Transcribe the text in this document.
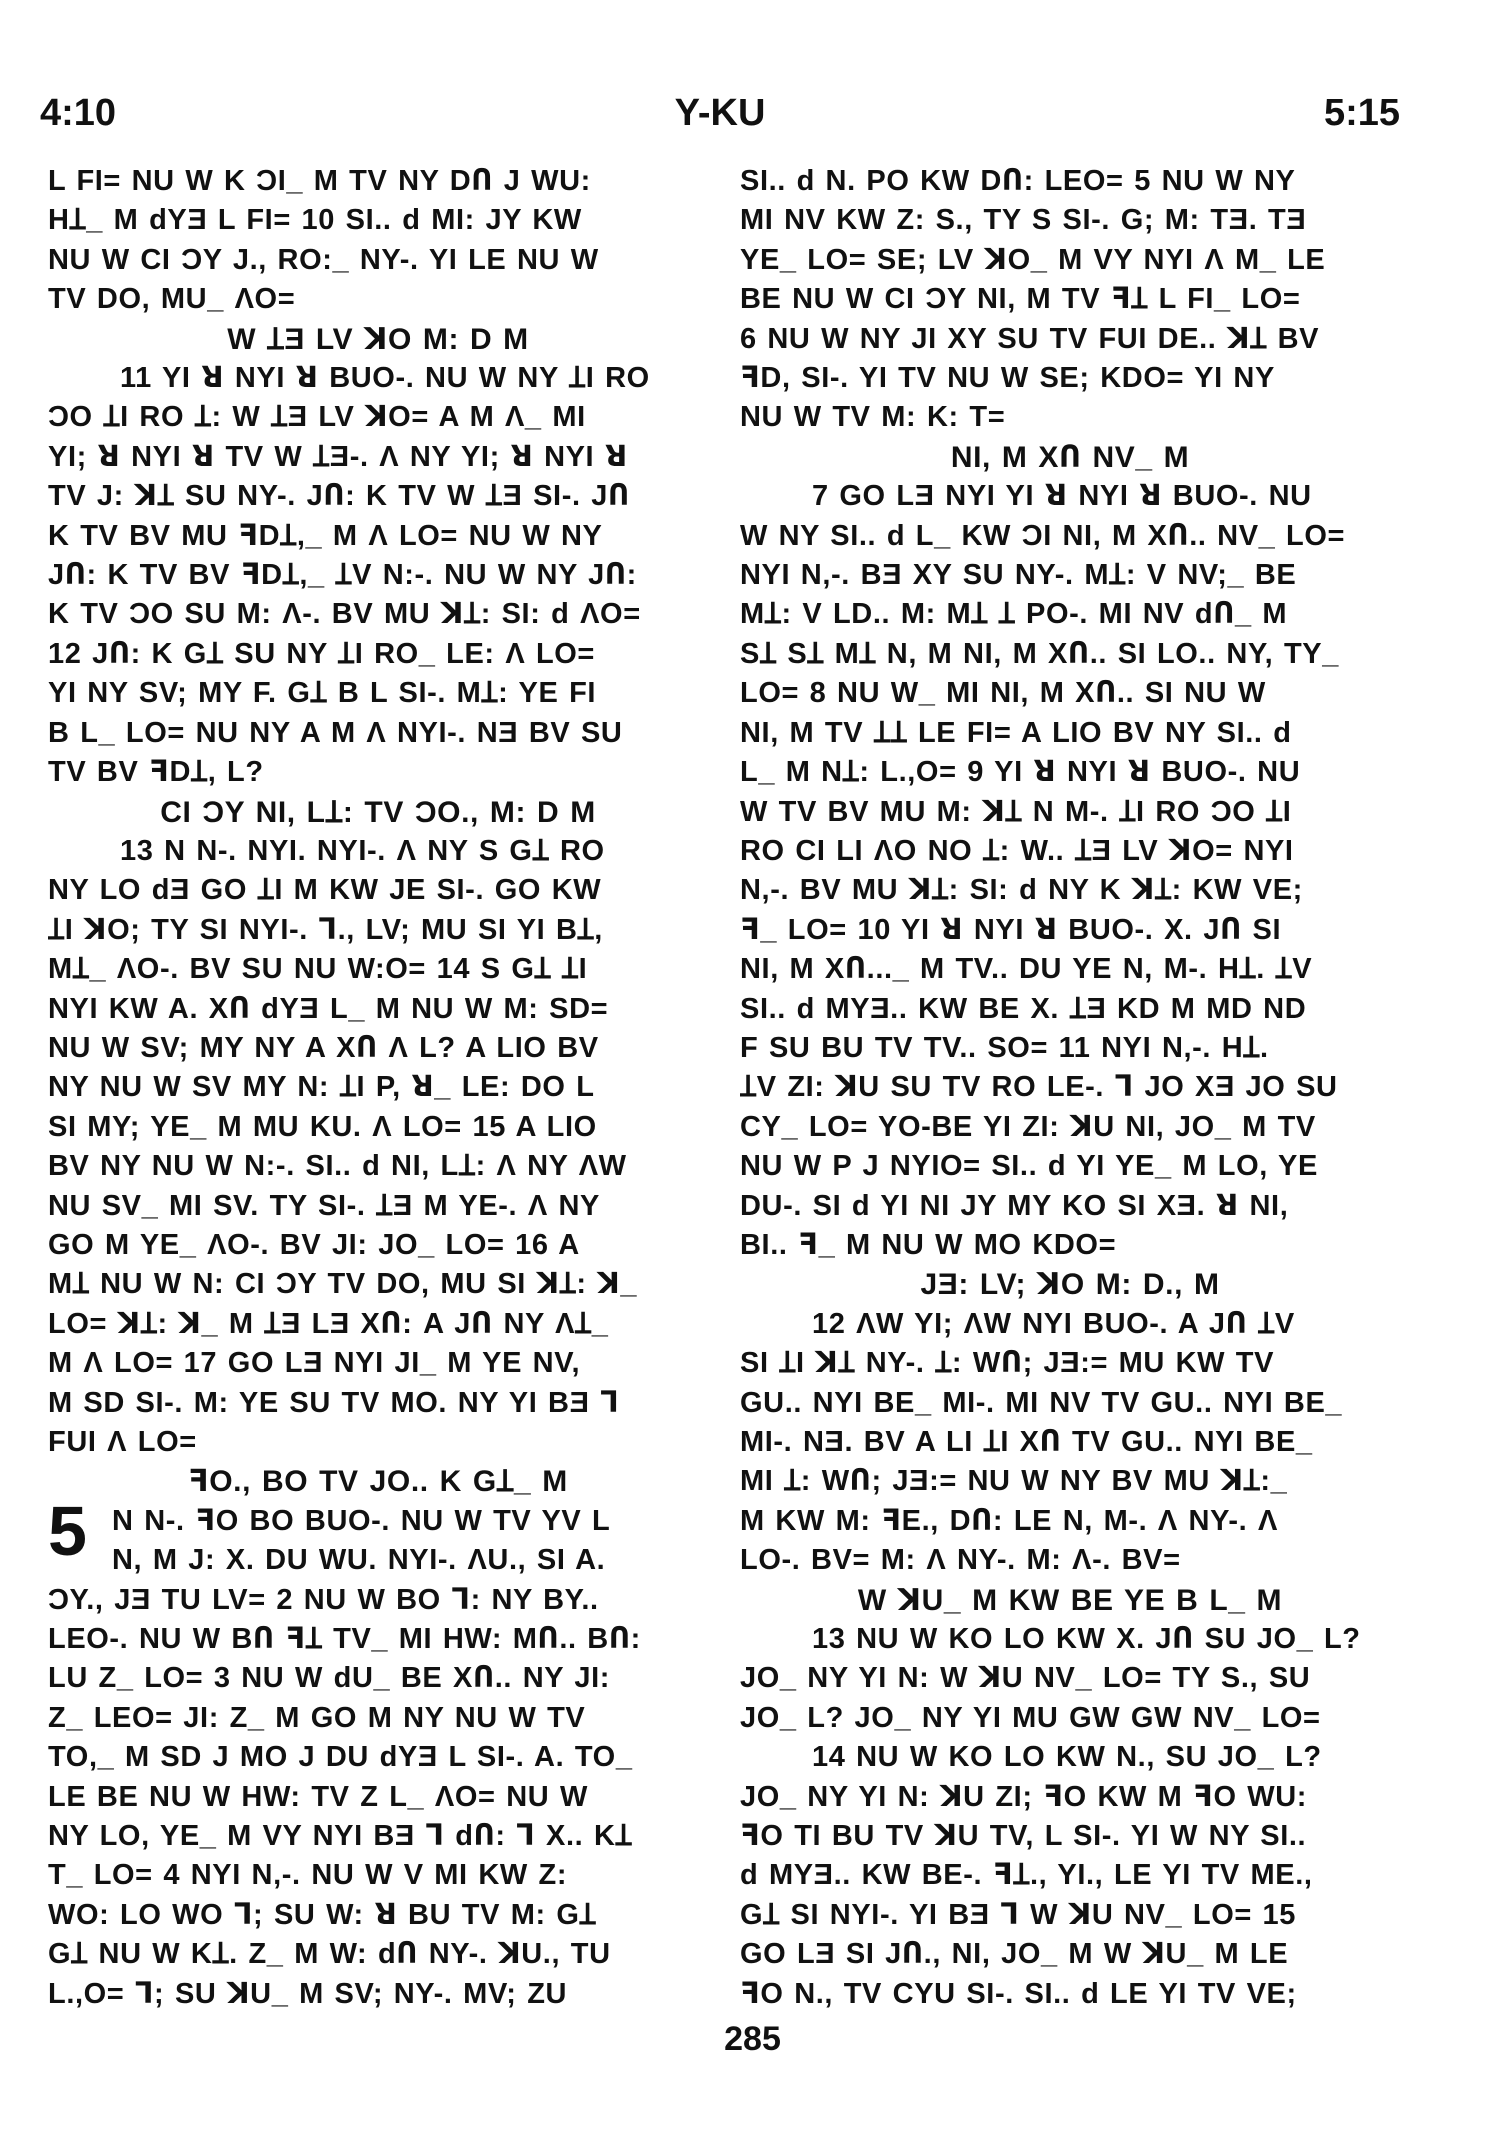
4:10	Y-KU	5:15

L FI= NU W K ƆI_ M TV NY DՈ J WU:

HꞱ_ M dYƎ L FI= 10 SI.. d MI: JY KW

NU W CI ƆY J., RO:_ NY-. YI LE NU W

TV DO, MU_ ɅO=

W ꞱƎ LV ꓘO M: D M

11 YI ꓤ NYI ꓤ BUO-. NU W NY ꞱI RO

ƆO ꞱI RO Ʇ: W ꞱƎ LV ꓘO= A M Ʌ_ MI

YI; ꓤ NYI ꓤ TV W ꞱƎ-. Ʌ NY YI; ꓤ NYI ꓤ

TV J: ꓘꞱ SU NY-. JՈ: K TV W ꞱƎ SI-. JՈ

K TV BV MU ꟻDꞱ,_ M Ʌ LO= NU W NY

JՈ: K TV BV ꟻDꞱ,_ ꞱV N:-. NU W NY JՈ:

K TV ƆO SU M: Ʌ-. BV MU ꓘꞱ: SI: d ɅO=

12 JՈ: K GꞱ SU NY ꞱI RO_ LE: Ʌ LO=

YI NY SV; MY F. GꞱ B L SI-. MꞱ: YE FI

B L_ LO= NU NY A M Ʌ NYI-. NƎ BV SU

TV BV ꟻDꞱ, L?

CI ƆY NI, LꞱ: TV ƆO., M: D M

13 N N-. NYI. NYI-. Ʌ NY S GꞱ RO

NY LO dƎ GO ꞱI M KW JE SI-. GO KW

ꞱI ꓘO; TY SI NYI-. Ꞁ., LV; MU SI YI BꞱ,

MꞱ_ ɅO-. BV SU NU W:O= 14 S GꞱ ꞱI

NYI KW A. XՈ dYƎ L_ M NU W M: SD=

NU W SV; MY NY A XՈ Ʌ L? A LIO BV

NY NU W SV MY N: ꞱI P, ꓤ_ LE: DO L

SI MY; YE_ M MU KU. Ʌ LO= 15 A LIO

BV NY NU W N:-. SI.. d NI, LꞱ: Ʌ NY ɅW

NU SV_ MI SV. TY SI-. ꞱƎ M YE-. Ʌ NY

GO M YE_ ɅO-. BV JI: JO_ LO= 16 A

MꞱ NU W N: CI ƆY TV DO, MU SI ꓘꞱ: ꓘ_

LO= ꓘꞱ: ꓘ_ M ꞱƎ LƎ XՈ: A JՈ NY ɅꞱ_

M Ʌ LO= 17 GO LƎ NYI JI_ M YE NV,

M SD SI-. M: YE SU TV MO. NY YI BƎ Ꞁ

FUI Ʌ LO=

ꟻO., BO TV JO.. K GꞱ_ M

N N-. ꟻO BO BUO-. NU W TV YV L

N, M J: X. DU WU. NYI-. ɅU., SI A.

ƆY., JƎ TU LV= 2 NU W BO Ꞁ: NY BY..

LEO-. NU W BՈ ꟻꞱ TV_ MI HW: MՈ.. BՈ:

LU Z_ LO= 3 NU W dU_ BE XՈ.. NY JI:

Z_ LEO= JI: Z_ M GO M NY NU W TV

TO,_ M SD J MO J DU dYƎ L SI-. A. TO_

LE BE NU W HW: TV Z L_ ɅO= NU W

NY LO, YE_ M VY NYI BƎ Ꞁ dՈ: Ꞁ X.. KꞱ

T_ LO= 4 NYI N,-. NU W V MI KW Z:

WO: LO WO Ꞁ; SU W: ꓤ BU TV M: GꞱ

GꞱ NU W KꞱ. Z_ M W: dՈ NY-. ꓘU., TU

L.,O= Ꞁ; SU ꓘU_ M SV; NY-. MV; ZU

SI.. d N. PO KW DՈ: LEO= 5 NU W NY

MI NV KW Z: S., TY S SI-. G; M: TƎ. TƎ

YE_ LO= SE; LV ꓘO_ M VY NYI Ʌ M_ LE

BE NU W CI ƆY NI, M TV ꟻꞱ L FI_ LO=

6 NU W NY JI XY SU TV FUI DE.. ꓘꞱ BV

ꟻD, SI-. YI TV NU W SE; KDO= YI NY

NU W TV M: K: T=

NI, M XՈ NV_ M

7 GO LƎ NYI YI ꓤ NYI ꓤ BUO-. NU

W NY SI.. d L_ KW ƆI NI, M XՈ.. NV_ LO=

NYI N,-. BƎ XY SU NY-. MꞱ: V NV;_ BE

MꞱ: V LD.. M: MꞱ Ʇ PO-. MI NV dՈ_ M

SꞱ SꞱ MꞱ N, M NI, M XՈ.. SI LO.. NY, TY_

LO= 8 NU W_ MI NI, M XՈ.. SI NU W

NI, M TV ꞱꞱ LE FI= A LIO BV NY SI.. d

L_ M NꞱ: L.,O= 9 YI ꓤ NYI ꓤ BUO-. NU

W TV BV MU M: ꓘꞱ N M-. ꞱI RO ƆO ꞱI

RO CI LI ɅO NO Ʇ: W.. ꞱƎ LV ꓘO= NYI

N,-. BV MU ꓘꞱ: SI: d NY K ꓘꞱ: KW VE;

ꟻ_ LO= 10 YI ꓤ NYI ꓤ BUO-. X. JՈ SI

NI, M XՈ..._ M TV.. DU YE N, M-. HꞱ. ꞱV

SI.. d MYƎ.. KW BE X. ꞱƎ KD M MD ND

F SU BU TV TV.. SO= 11 NYI N,-. HꞱ.

ꞱV ZI: ꓘU SU TV RO LE-. Ꞁ JO XƎ JO SU

CY_ LO= YO-BE YI ZI: ꓘU NI, JO_ M TV

NU W P J NYIO= SI.. d YI YE_ M LO, YE

DU-. SI d YI NI JY MY KO SI XƎ. ꓤ NI,

BI.. ꟻ_ M NU W MO KDO=

JƎ: LV; ꓘO M: D., M

12 ɅW YI; ɅW NYI BUO-. A JՈ ꞱV

SI ꞱI ꓘꞱ NY-. Ʇ: WՈ; JƎ:= MU KW TV

GU.. NYI BE_ MI-. MI NV TV GU.. NYI BE_

MI-. NƎ. BV A LI ꞱI XՈ TV GU.. NYI BE_

MI Ʇ: WՈ; JƎ:= NU W NY BV MU ꓘꞱ:_

M KW M: ꟻE., DՈ: LE N, M-. Ʌ NY-. Ʌ

LO-. BV= M: Ʌ NY-. M: Ʌ-. BV=

W ꓘU_ M KW BE YE B L_ M

13 NU W KO LO KW X. JՈ SU JO_ L?

JO_ NY YI N: W ꓘU NV_ LO= TY S., SU

JO_ L? JO_ NY YI MU GW GW NV_ LO=

14 NU W KO LO KW N., SU JO_ L?

JO_ NY YI N: ꓘU ZI; ꟻO KW M ꟻO WU:

ꟻO TI BU TV ꓘU TV, L SI-. YI W NY SI..

d MYƎ.. KW BE-. ꟻꞱ., YI., LE YI TV ME.,

GꞱ SI NYI-. YI BƎ Ꞁ W ꓘU NV_ LO= 15

GO LƎ SI JՈ., NI, JO_ M W ꓘU_ M LE

ꟻO N., TV CYU SI-. SI.. d LE YI TV VE;

5
285
